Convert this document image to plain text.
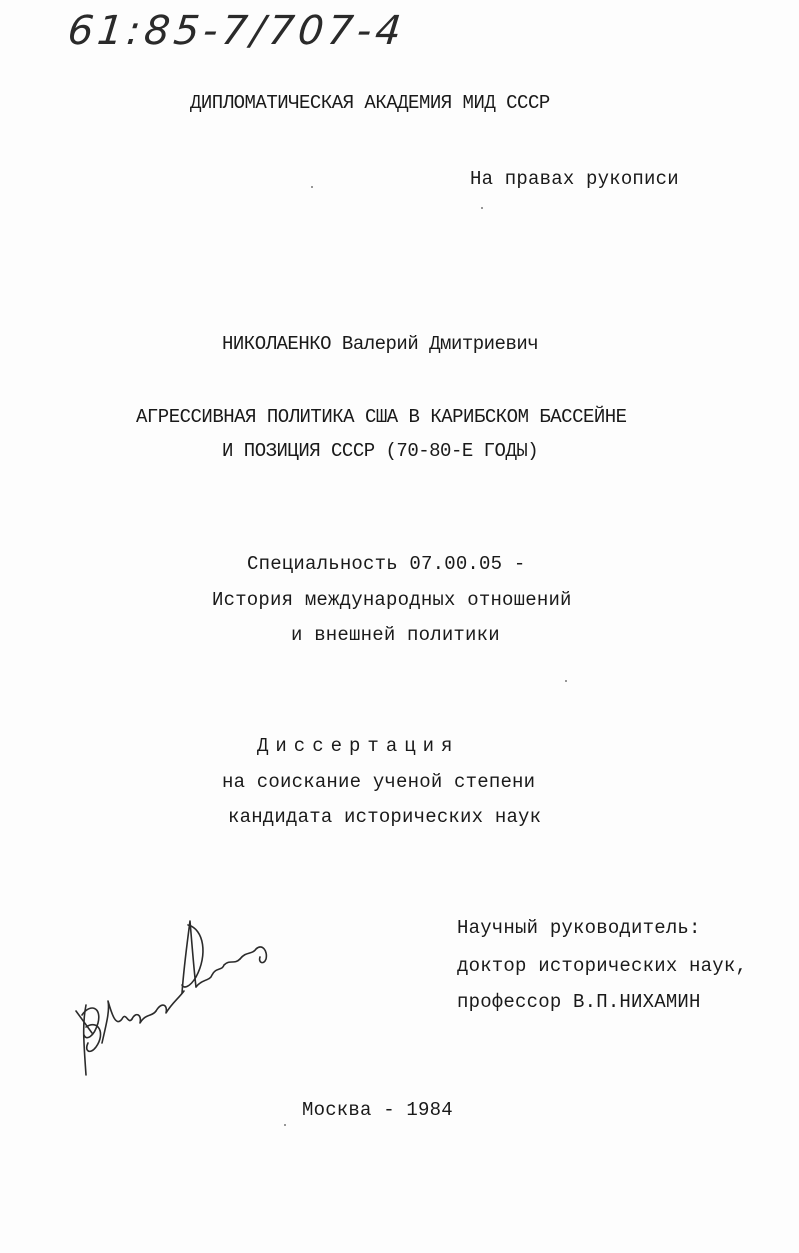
61:85-7/707-4
ДИПЛОМАТИЧЕСКАЯ АКАДЕМИЯ МИД СССР
На правах рукописи
НИКОЛАЕНКО Валерий Дмитриевич
АГРЕССИВНАЯ ПОЛИТИКА США В КАРИБСКОМ БАССЕЙНЕ
И ПОЗИЦИЯ СССР (70-80-Е ГОДЫ)
Специальность 07.00.05 -
История международных отношений
и внешней политики
Диссертация
на соискание ученой степени
кандидата исторических наук
Научный руководитель:
доктор исторических наук,
профессор В.П.НИХАМИН
Москва - 1984
